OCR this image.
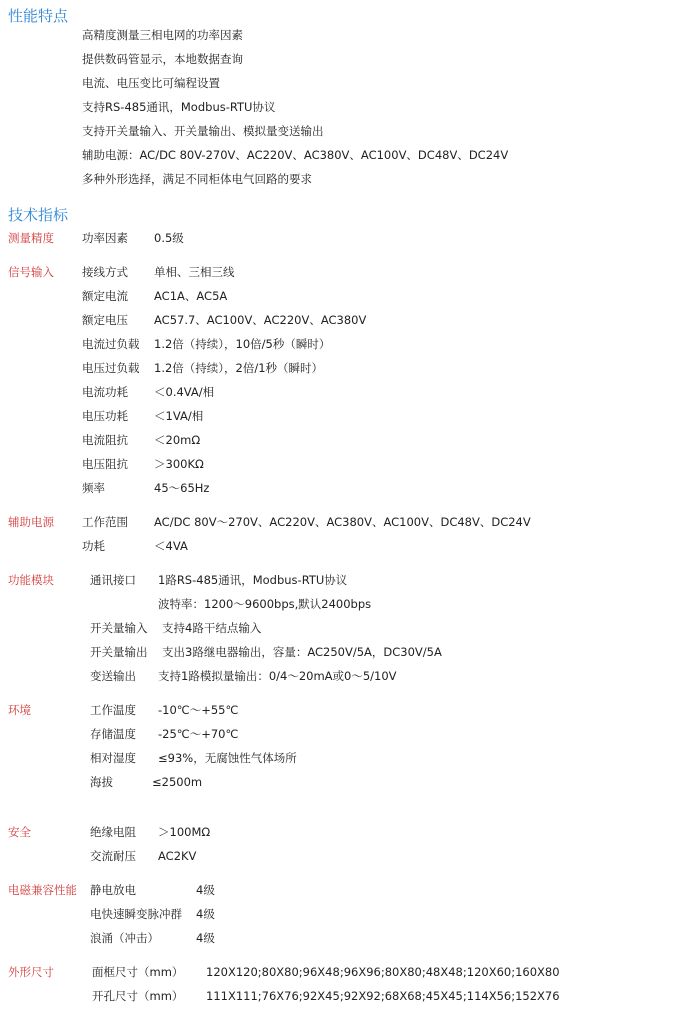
性能特点
高精度测量三相电网的功率因素
提供数码管显示，本地数据查询
电流、电压变比可编程设置
支持RS-485通讯，Modbus-RTU协议
支持开关量输入、开关量输出、模拟量变送输出
辅助电源：AC/DC 80V-270V、AC220V、AC380V、AC100V、DC48V、DC24V
多种外形选择，满足不同柜体电气回路的要求
技术指标
测量精度 功率因素 0.5级
信号输入 接线方式 单相、三相三线
额定电流 AC1A、AC5A
额定电压 AC57.7、AC100V、AC220V、AC380V
电流过负载 1.2倍（持续），10倍/5秒（瞬时）
电压过负载 1.2倍（持续），2倍/1秒（瞬时）
电流功耗 ＜0.4VA/相
电压功耗 ＜1VA/相
电流阻抗 ＜20mΩ
电压阻抗 ＞300KΩ
频率	45～65Hz
辅助电源 工作范围 AC/DC 80V～270V、AC220V、AC380V、AC100V、DC48V、DC24V
功耗	＜4VA
功能模块	通讯接口 1路RS-485通讯，Modbus-RTU协议
波特率：1200～9600bps,默认2400bps
开关量输入 支持4路干结点输入
开关量输出 支出3路继电器输出，容量：AC250V/5A，DC30V/5A
变送输出 支持1路模拟量输出：0/4～20mA或0～5/10V
环境	工作温度 -10℃～+55℃
存储温度 -25℃～+70℃
相对湿度 ≤93%，无腐蚀性气体场所
海拔	≤2500m
安全	绝缘电阻 ＞100MΩ
交流耐压 AC2KV
电磁兼容性能 静电放电	4级
电快速瞬变脉冲群 4级
浪涌（冲击）	4级
外形尺寸	面框尺寸（mm） 120X120;80X80;96X48;96X96;80X80;48X48;120X60;160X80
开孔尺寸（mm） 111X111;76X76;92X45;92X92;68X68;45X45;114X56;152X76
